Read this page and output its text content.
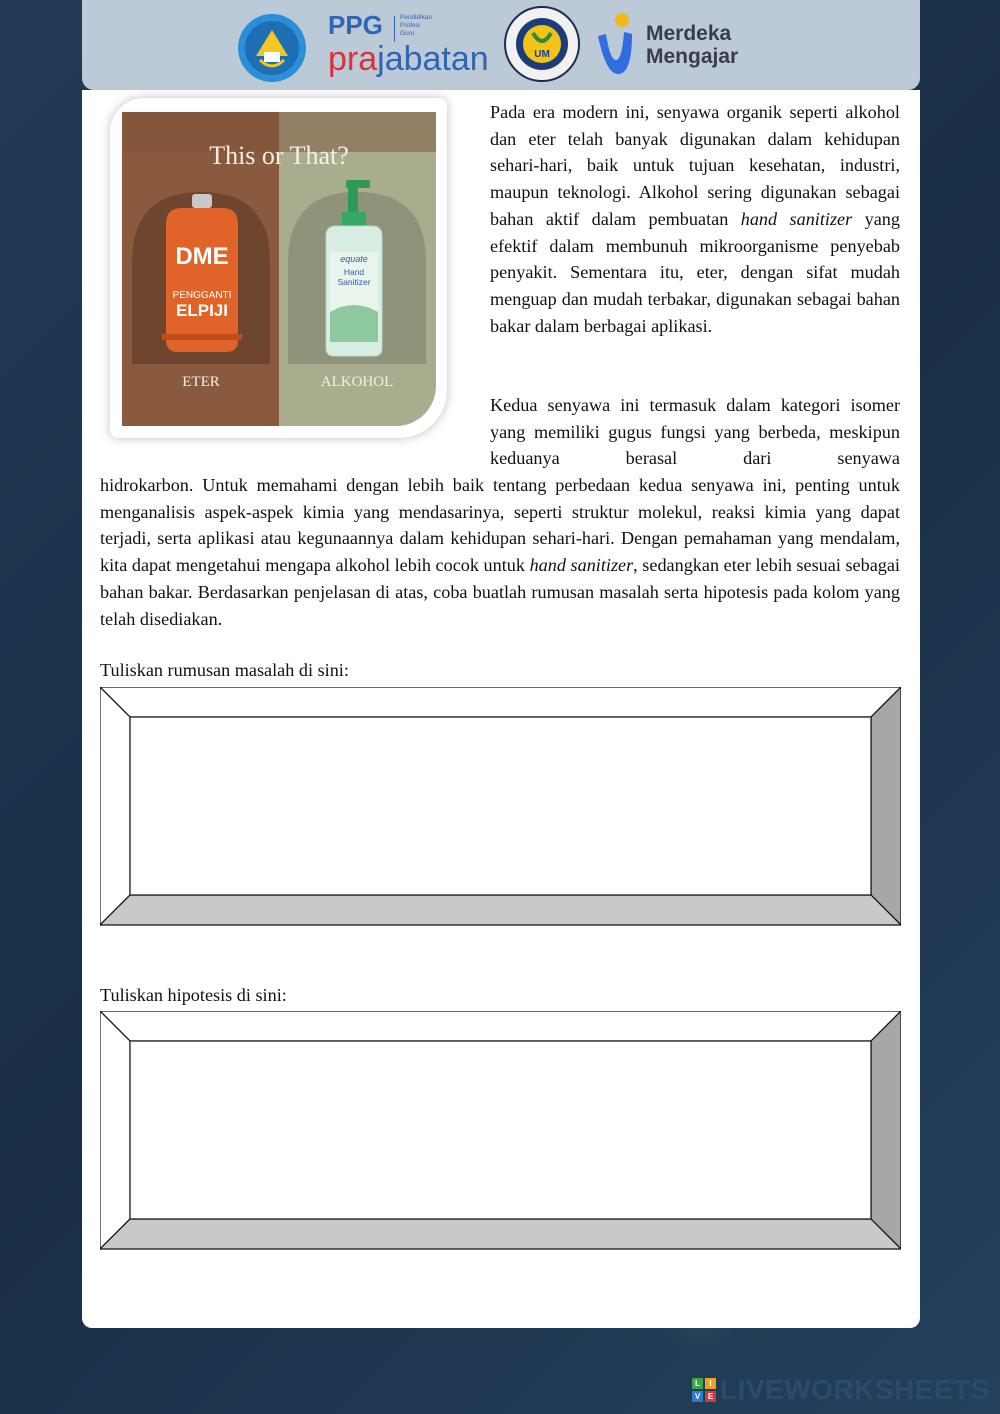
PPG	Pendidikan
Profesi
Guru
prajabatan	UM
Merdeka
Mengajar
DME
PENGGANTI
ELPIJI
equate
Hand
Sanitizer
This or That?
ETER	ALKOHOL
Pada era modern ini, senyawa organik seperti alkohol dan eter telah banyak digunakan dalam kehidupan sehari-hari, baik untuk tujuan kesehatan, industri, maupun teknologi. Alkohol sering digunakan sebagai bahan aktif dalam pembuatan hand sanitizer yang efektif dalam membunuh mikroorganisme penyebab penyakit. Sementara itu, eter, dengan sifat mudah menguap dan mudah terbakar, digunakan sebagai bahan bakar dalam berbagai aplikasi.
Kedua senyawa ini termasuk dalam kategori isomer yang memiliki gugus fungsi yang berbeda, meskipun keduanya berasal dari senyawa
hidrokarbon. Untuk memahami dengan lebih baik tentang perbedaan kedua senyawa ini, penting untuk menganalisis aspek-aspek kimia yang mendasarinya, seperti struktur molekul, reaksi kimia yang dapat terjadi, serta aplikasi atau kegunaannya dalam kehidupan sehari-hari. Dengan pemahaman yang mendalam, kita dapat mengetahui mengapa alkohol lebih cocok untuk hand sanitizer, sedangkan eter lebih sesuai sebagai bahan bakar. Berdasarkan penjelasan di atas, coba buatlah rumusan masalah serta hipotesis pada kolom yang telah disediakan.
Tuliskan rumusan masalah di sini:
Tuliskan hipotesis di sini:
L	I
V E LIVEWORKSHEETS
